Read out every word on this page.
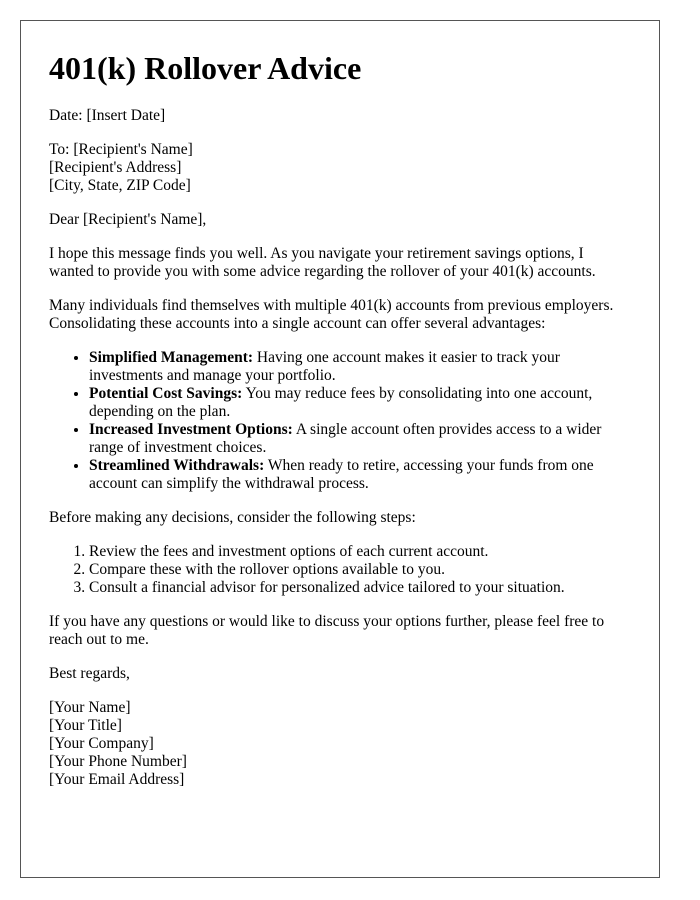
401(k) Rollover Advice

Date: [Insert Date]

To: [Recipient's Name]
[Recipient's Address]
[City, State, ZIP Code]

Dear [Recipient's Name],

I hope this message finds you well. As you navigate your retirement savings options, I wanted to provide you with some advice regarding the rollover of your 401(k) accounts.

Many individuals find themselves with multiple 401(k) accounts from previous employers. Consolidating these accounts into a single account can offer several advantages:

• Simplified Management: Having one account makes it easier to track your investments and manage your portfolio.
• Potential Cost Savings: You may reduce fees by consolidating into one account, depending on the plan.
• Increased Investment Options: A single account often provides access to a wider range of investment choices.
• Streamlined Withdrawals: When ready to retire, accessing your funds from one account can simplify the withdrawal process.

Before making any decisions, consider the following steps:

1. Review the fees and investment options of each current account.
2. Compare these with the rollover options available to you.
3. Consult a financial advisor for personalized advice tailored to your situation.

If you have any questions or would like to discuss your options further, please feel free to reach out to me.

Best regards,

[Your Name]
[Your Title]
[Your Company]
[Your Phone Number]
[Your Email Address]
